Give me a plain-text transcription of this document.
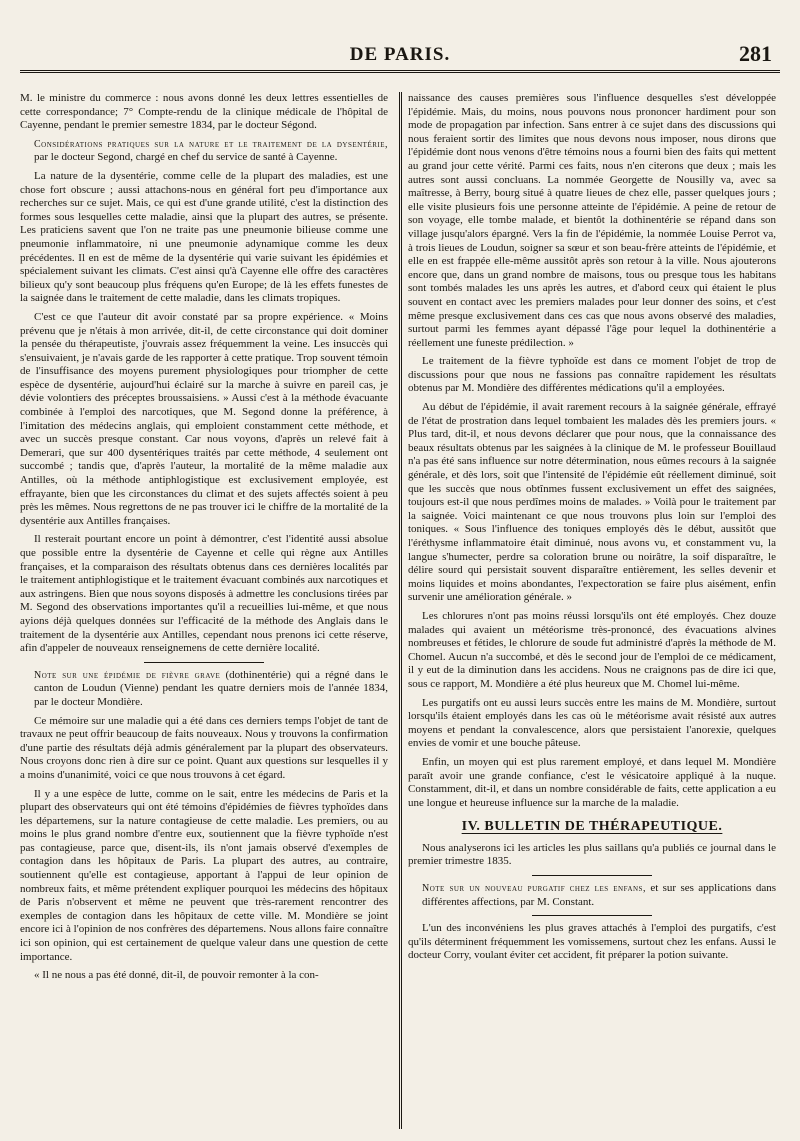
DE PARIS.	281

M. le ministre du commerce : nous avons donné les deux lettres essentielles de cette correspondance; 7° Compte-rendu de la clinique médicale de l'hôpital de Cayenne, pendant le premier semestre 1834, par le docteur Ségond.

Considérations pratiques sur la nature et le traitement de la dysentérie, par le docteur Segond, chargé en chef du service de santé à Cayenne.

La nature de la dysentérie, comme celle de la plupart des maladies, est une chose fort obscure ; aussi attachons-nous en général fort peu d'importance aux recherches sur ce sujet. Mais, ce qui est d'une grande utilité, c'est la distinction des formes sous lesquelles cette maladie, ainsi que la plupart des autres, se présente. Les praticiens savent que l'on ne traite pas une pneumonie bilieuse comme une pneumonie inflammatoire, ni une pneumonie adynamique comme les deux précédentes. Il en est de même de la dysentérie qui varie suivant les épidémies et spécialement suivant les climats. C'est ainsi qu'à Cayenne elle offre des caractères bilieux qu'y sont beaucoup plus fréquens qu'en Europe; de là les effets funestes de la saignée dans le traitement de cette maladie, dans les climats tropiques.

C'est ce que l'auteur dit avoir constaté par sa propre expérience. « Moins prévenu que je n'étais à mon arrivée, dit-il, de cette circonstance qui doit dominer la pensée du thérapeutiste, j'ouvrais assez fréquemment la veine. Les insuccès qui s'ensuivaient, je n'avais garde de les rapporter à cette pratique. Trop souvent témoin de l'insuffisance des moyens purement physiologiques pour triompher de cette espèce de dysentérie, aujourd'hui éclairé sur la marche à suivre en pareil cas, je dévie volontiers des préceptes broussaisiens. » Aussi c'est à la méthode évacuante combinée à l'emploi des narcotiques, que M. Segond donne la préférence, à l'imitation des médecins anglais, qui emploient constamment cette méthode, et avec un succès presque constant. Car nous voyons, d'après un relevé fait à Demerari, que sur 400 dysentériques traités par cette méthode, 4 seulement ont succombé ; tandis que, d'après l'auteur, la mortalité de la même maladie aux Antilles, où la méthode antiphlogistique est exclusivement employée, est effrayante, bien que les circonstances du climat et des sujets affectés soient à peu près les mêmes. Nous regrettons de ne pas trouver ici le chiffre de la mortalité de la dysentérie aux Antilles françaises.

Il resterait pourtant encore un point à démontrer, c'est l'identité aussi absolue que possible entre la dysentérie de Cayenne et celle qui règne aux Antilles françaises, et la comparaison des résultats obtenus dans ces dernières localités par le traitement antiphlogistique et le traitement évacuant combinés aux narcotiques et aux astringens. Bien que nous soyons disposés à admettre les conclusions tirées par M. Segond des observations importantes qu'il a recueillies lui-même, et que nous ayions déjà quelques données sur l'efficacité de la méthode des Anglais dans le traitement de la dysentérie aux Antilles, cependant nous prenons ici cette réserve, afin d'appeler de nouveaux renseignemens de cette dernière localité.

Note sur une épidémie de fièvre grave (dothinentérie) qui a régné dans le canton de Loudun (Vienne) pendant les quatre derniers mois de l'année 1834, par le docteur Mondière.

Ce mémoire sur une maladie qui a été dans ces derniers temps l'objet de tant de travaux ne peut offrir beaucoup de faits nouveaux. Nous y trouvons la confirmation d'une partie des résultats déjà admis généralement par la plupart des observateurs. Nous croyons donc rien à dire sur ce point. Quant aux questions sur lesquelles il y a moins d'unanimité, voici ce que nous trouvons à cet égard.

Il y a une espèce de lutte, comme on le sait, entre les médecins de Paris et la plupart des observateurs qui ont été témoins d'épidémies de fièvres typhoïdes dans les départemens, sur la nature contagieuse de cette maladie. Les premiers, ou au moins le plus grand nombre d'entre eux, soutiennent que la fièvre typhoïde n'est pas contagieuse, parce que, disent-ils, ils n'ont jamais observé d'exemples de contagion dans les hôpitaux de Paris. La plupart des autres, au contraire, soutiennent qu'elle est contagieuse, apportant à l'appui de leur opinion de nombreux faits, et même prétendent expliquer pourquoi les médecins des hôpitaux de Paris n'observent et même ne peuvent que très-rarement rencontrer des exemples de contagion dans les hôpitaux de cette ville. M. Mondière se joint encore ici à l'opinion de nos confrères des départemens. Nous allons faire connaître ici son opinion, qui est certainement de quelque valeur dans une question de cette importance.

« Il ne nous a pas été donné, dit-il, de pouvoir remonter à la con-

naissance des causes premières sous l'influence desquelles s'est développée l'épidémie. Mais, du moins, nous pouvons nous prononcer hardiment pour son mode de propagation par infection. Sans entrer à ce sujet dans des discussions qui nous feraient sortir des limites que nous devons nous imposer, nous dirons que l'épidémie dont nous venons d'être témoins nous a fourni bien des faits qui mettent au grand jour cette vérité. Parmi ces faits, nous n'en citerons que deux ; mais les autres sont aussi concluans. La nommée Georgette de Nousilly va, avec sa maîtresse, à Berry, bourg situé à quatre lieues de chez elle, passer quelques jours ; elle visite plusieurs fois une personne atteinte de l'épidémie. A peine de retour de son voyage, elle tombe malade, et bientôt la dothinentérie se répand dans son village jusqu'alors épargné. Vers la fin de l'épidémie, la nommée Louise Perrot va, à trois lieues de Loudun, soigner sa sœur et son beau-frère atteints de l'épidémie, et elle en est frappée elle-même aussitôt après son retour à la ville. Nous ajouterons encore que, dans un grand nombre de maisons, tous ou presque tous les habitans sont tombés malades les uns après les autres, et d'abord ceux qui étaient le plus souvent en contact avec les premiers malades pour leur donner des soins, et c'est même presque exclusivement dans ces cas que nous avons observé des maladies, surtout parmi les femmes ayant dépassé l'âge pour lequel la dothinentérie a réellement une funeste prédilection. »

Le traitement de la fièvre typhoïde est dans ce moment l'objet de trop de discussions pour que nous ne fassions pas connaître rapidement les résultats obtenus par M. Mondière des différentes médications qu'il a employées.

Au début de l'épidémie, il avait rarement recours à la saignée générale, effrayé de l'état de prostration dans lequel tombaient les malades dès les premiers jours. « Plus tard, dit-il, et nous devons déclarer que pour nous, que la connaissance des beaux résultats obtenus par les saignées à la clinique de M. le professeur Bouillaud n'a pas été sans influence sur notre détermination, nous eûmes recours à la saignée générale, et dès lors, soit que l'intensité de l'épidémie eût réellement diminué, soit que les succès que nous obtînmes fussent exclusivement un effet des saignées, toujours est-il que nous perdîmes moins de malades. » Voilà pour le traitement par la saignée. Voici maintenant ce que nous trouvons plus loin sur l'emploi des toniques. « Sous l'influence des toniques employés dès le début, aussitôt que l'éréthysme inflammatoire était diminué, nous avons vu, et constamment vu, la langue s'humecter, perdre sa coloration brune ou noirâtre, la soif disparaître, le délire sourd qui persistait souvent disparaître entièrement, les selles devenir et moins liquides et moins abondantes, l'expectoration se faire plus aisément, enfin survenir une amélioration générale. »

Les chlorures n'ont pas moins réussi lorsqu'ils ont été employés. Chez douze malades qui avaient un météorisme très-prononcé, des évacuations alvines nombreuses et fétides, le chlorure de soude fut administré d'après la méthode de M. Chomel. Aucun n'a succombé, et dès le second jour de l'emploi de ce médicament, il y eut de la diminution dans les accidens. Nous ne craignons pas de dire ici que, sous ce rapport, M. Mondière a été plus heureux que M. Chomel lui-même.

Les purgatifs ont eu aussi leurs succès entre les mains de M. Mondière, surtout lorsqu'ils étaient employés dans les cas où le météorisme avait résisté aux autres moyens et pendant la convalescence, alors que persistaient l'anorexie, quelques envies de vomir et une bouche pâteuse.

Enfin, un moyen qui est plus rarement employé, et dans lequel M. Mondière paraît avoir une grande confiance, c'est le vésicatoire appliqué à la nuque. Constamment, dit-il, et dans un nombre considérable de faits, cette application a eu une longue et heureuse influence sur la marche de la maladie.

IV. BULLETIN DE THÉRAPEUTIQUE.

Nous analyserons ici les articles les plus saillans qu'a publiés ce journal dans le premier trimestre 1835.

Note sur un nouveau purgatif chez les enfans, et sur ses applications dans différentes affections, par M. Constant.

L'un des inconvéniens les plus graves attachés à l'emploi des purgatifs, c'est qu'ils déterminent fréquemment les vomissemens, surtout chez les enfans. Aussi le docteur Corry, voulant éviter cet accident, fit préparer la potion suivante.
